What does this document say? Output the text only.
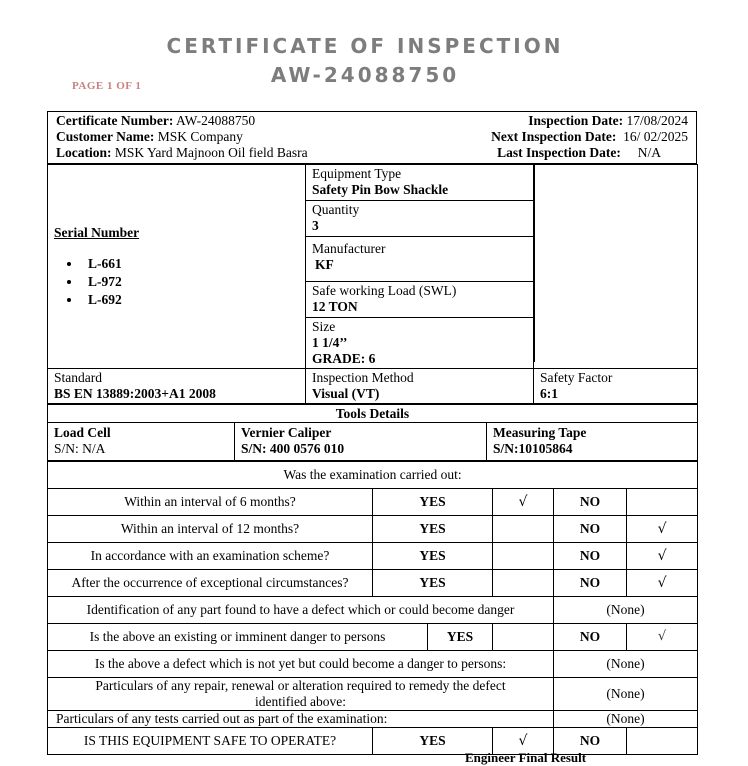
CERTIFICATE OF INSPECTION
AW-24088750
PAGE 1 OF 1
Certificate Number: AW-24088750
Customer Name: MSK Company
Location: MSK Yard Majnoon Oil field Basra
Inspection Date: 17/08/2024
Next Inspection Date: 16/ 02/2025
Last Inspection Date: N/A
Serial Number
• L-661
• L-972
• L-692

Equipment Type
Safety Pin Bow Shackle

Quantity
3

Manufacturer
KF

Safe working Load (SWL)
12 TON

Size
1 1/4’’
GRADE: 6

Standard
BS EN 13889:2003+A1 2008

Inspection Method
Visual (VT)

Safety Factor
6:1
Tools Details

Load Cell
S/N: N/A

Vernier Caliper
S/N: 400 0576 010

Measuring Tape
S/N:10105864
Was the examination carried out:					
Within an interval of 6 months?	YES		√	NO	
Within an interval of 12 months?	YES			NO	√
In accordance with an examination scheme?	YES			NO	√
After the occurrence of exceptional circumstances?	YES			NO	√
Identification of any part found to have a defect which or could become danger				(None)	
Is the above an existing or imminent danger to persons		YES		NO	√
Is the above a defect which is not yet but could become a danger to persons:				(None)	
Particulars of any repair, renewal or alteration required to remedy the defect identified above:				(None)	
Particulars of any tests carried out as part of the examination:				(None)	
IS THIS EQUIPMENT SAFE TO OPERATE?	YES		√	NO	
Engineer Final Result
